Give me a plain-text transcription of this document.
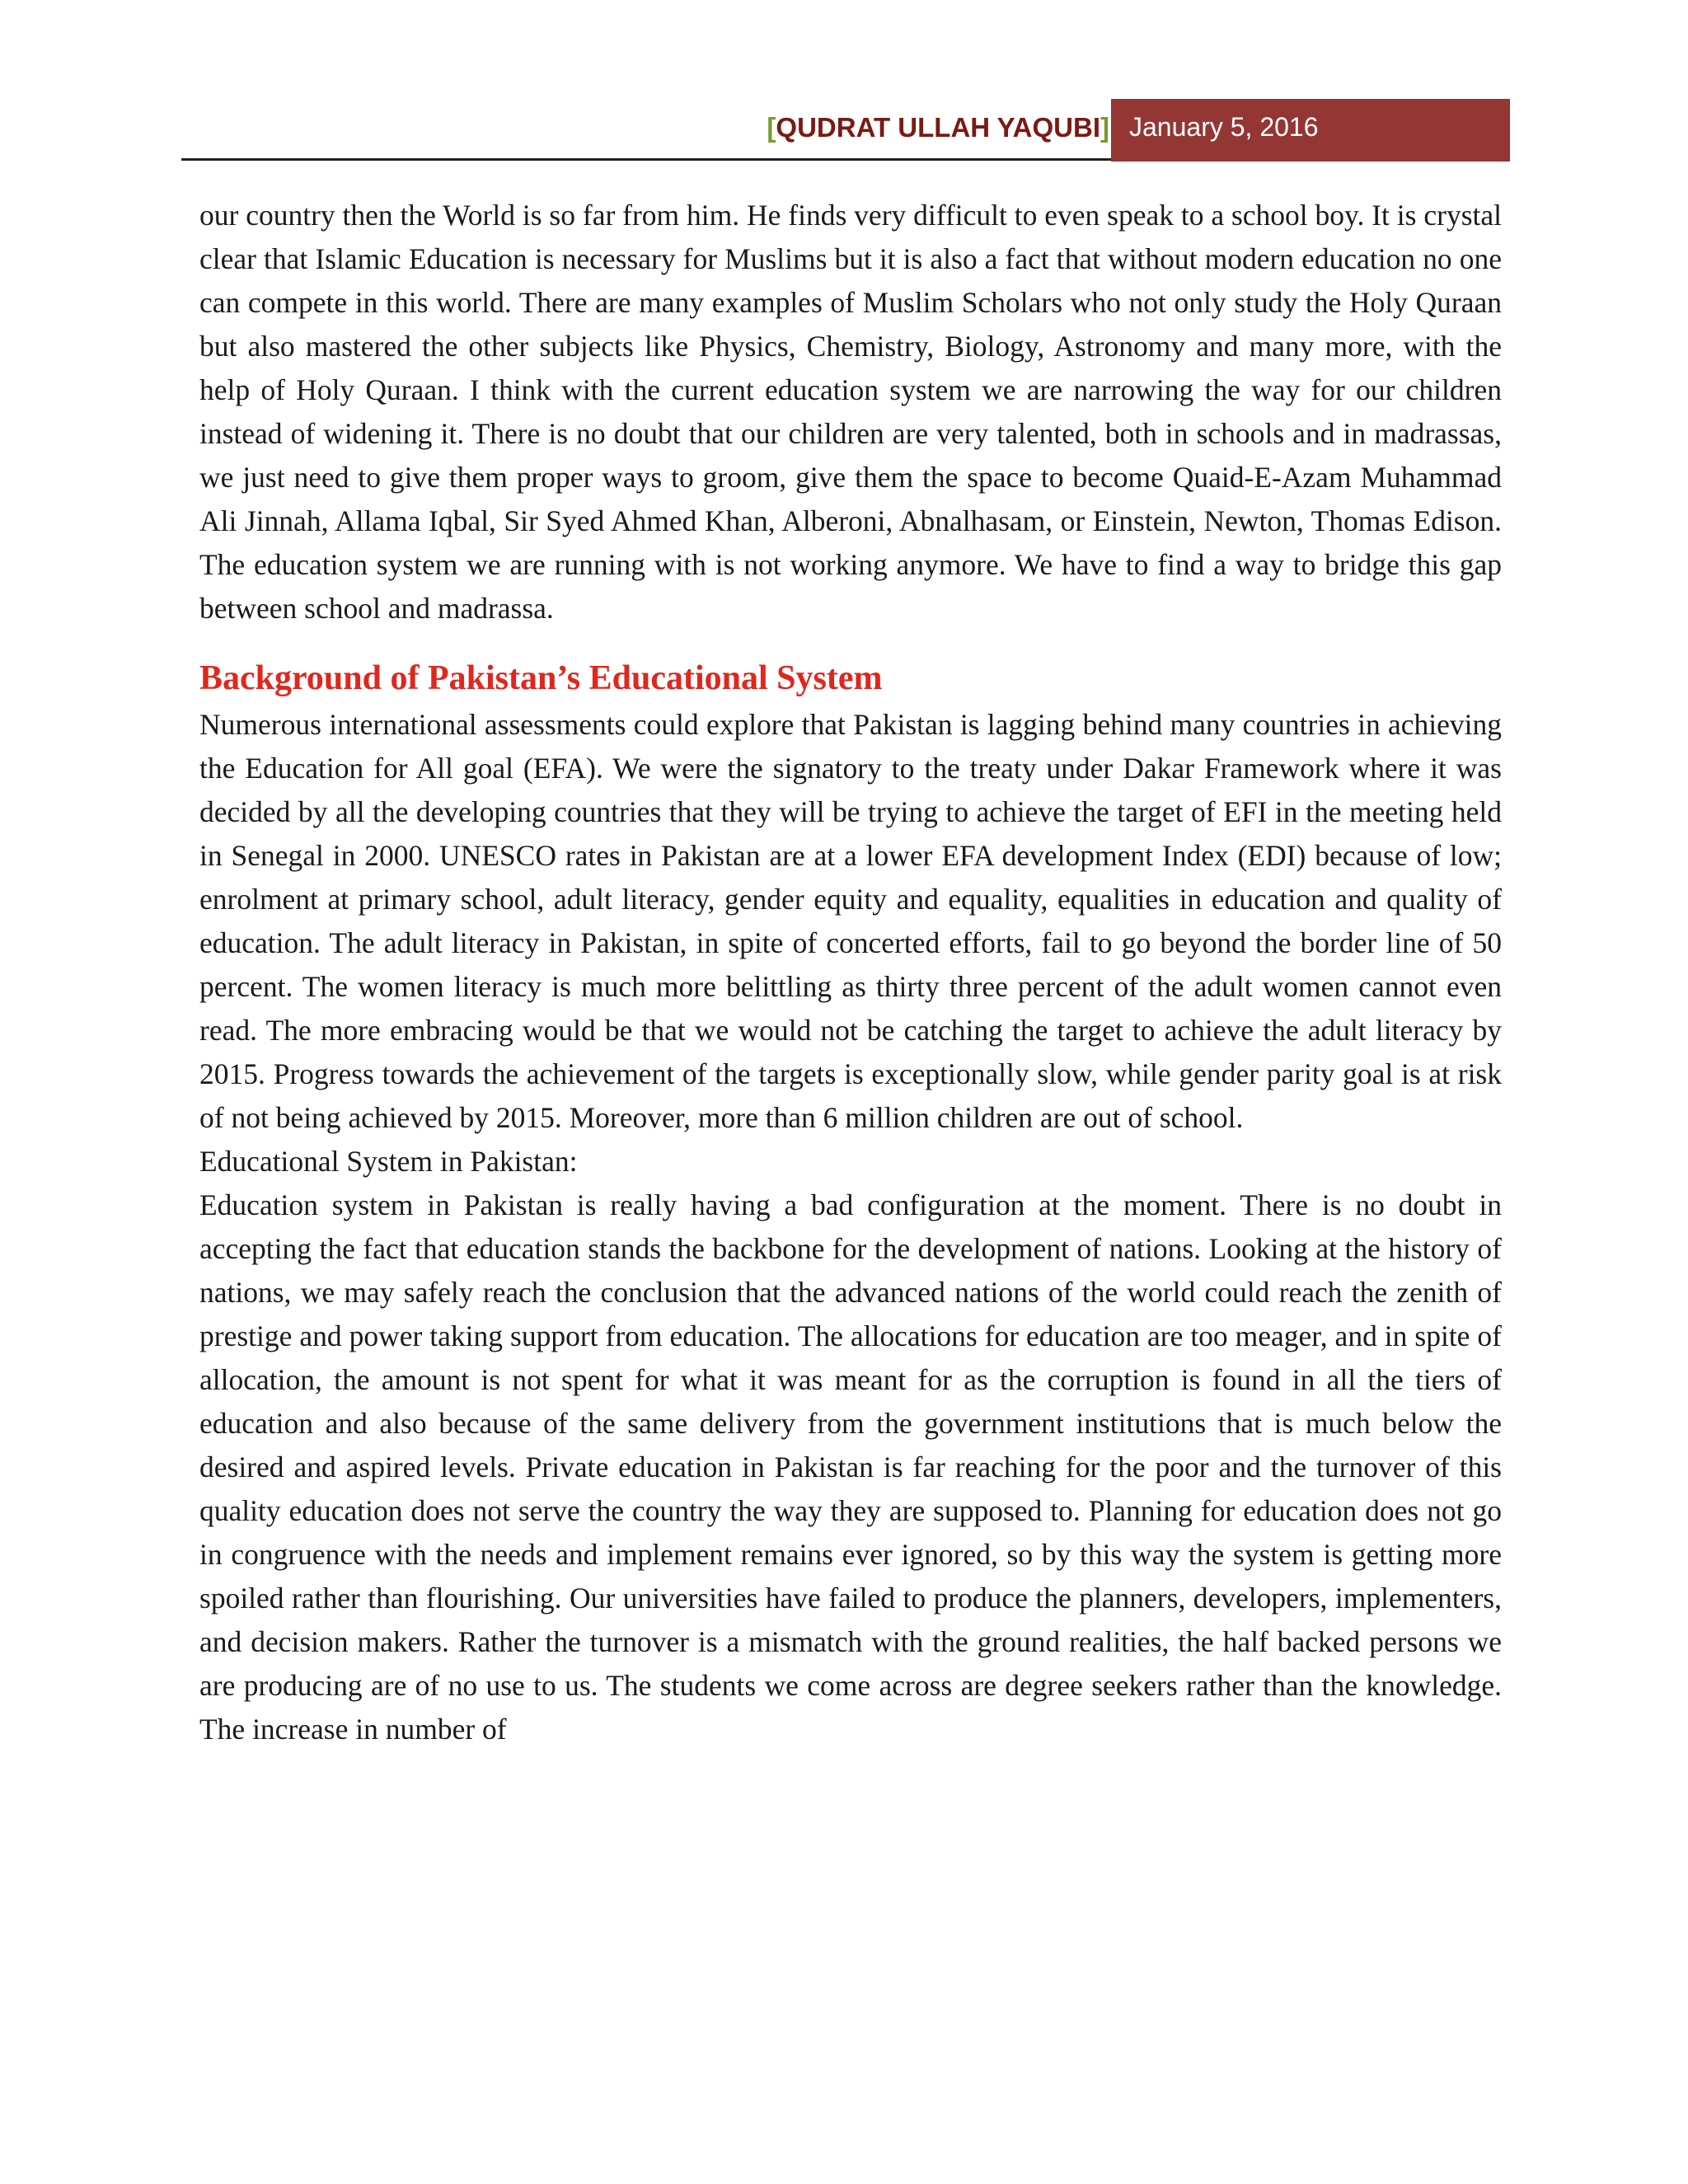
[QUDRAT ULLAH YAQUBI] January 5, 2016

our country then the World is so far from him. He finds very difficult to even speak to a school boy. It is crystal clear that Islamic Education is necessary for Muslims but it is also a fact that without modern education no one can compete in this world. There are many examples of Muslim Scholars who not only study the Holy Quraan but also mastered the other subjects like Physics, Chemistry, Biology, Astronomy and many more, with the help of Holy Quraan. I think with the current education system we are narrowing the way for our children instead of widening it. There is no doubt that our children are very talented, both in schools and in madrassas, we just need to give them proper ways to groom, give them the space to become Quaid-E-Azam Muhammad Ali Jinnah, Allama Iqbal, Sir Syed Ahmed Khan, Alberoni, Abnalhasam, or Einstein, Newton, Thomas Edison. The education system we are running with is not working anymore. We have to find a way to bridge this gap between school and madrassa.

Background of Pakistan’s Educational System

Numerous international assessments could explore that Pakistan is lagging behind many countries in achieving the Education for All goal (EFA). We were the signatory to the treaty under Dakar Framework where it was decided by all the developing countries that they will be trying to achieve the target of EFI in the meeting held in Senegal in 2000. UNESCO rates in Pakistan are at a lower EFA development Index (EDI) because of low; enrolment at primary school, adult literacy, gender equity and equality, equalities in education and quality of education. The adult literacy in Pakistan, in spite of concerted efforts, fail to go beyond the border line of 50 percent. The women literacy is much more belittling as thirty three percent of the adult women cannot even read. The more embracing would be that we would not be catching the target to achieve the adult literacy by 2015. Progress towards the achievement of the targets is exceptionally slow, while gender parity goal is at risk of not being achieved by 2015. Moreover, more than 6 million children are out of school.

Educational System in Pakistan:

Education system in Pakistan is really having a bad configuration at the moment. There is no doubt in accepting the fact that education stands the backbone for the development of nations. Looking at the history of nations, we may safely reach the conclusion that the advanced nations of the world could reach the zenith of prestige and power taking support from education. The allocations for education are too meager, and in spite of allocation, the amount is not spent for what it was meant for as the corruption is found in all the tiers of education and also because of the same delivery from the government institutions that is much below the desired and aspired levels. Private education in Pakistan is far reaching for the poor and the turnover of this quality education does not serve the country the way they are supposed to. Planning for education does not go in congruence with the needs and implement remains ever ignored, so by this way the system is getting more spoiled rather than flourishing. Our universities have failed to produce the planners, developers, implementers, and decision makers. Rather the turnover is a mismatch with the ground realities, the half backed persons we are producing are of no use to us. The students we come across are degree seekers rather than the knowledge. The increase in number of
